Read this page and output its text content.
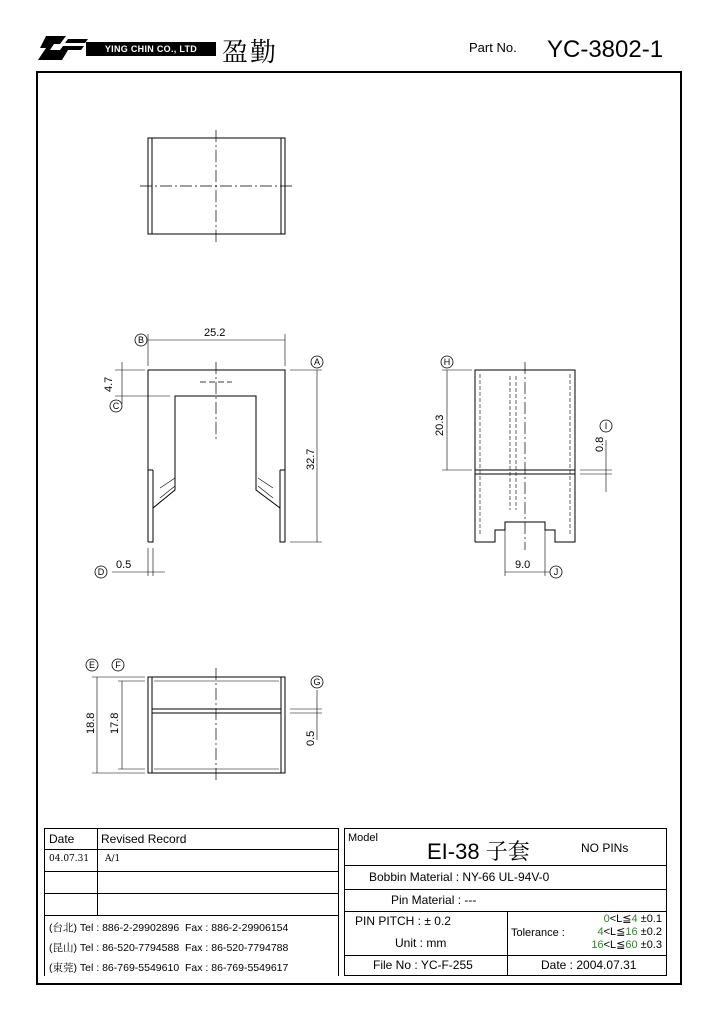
YING CHIN CO., LTD 盈勤	Part No. YC-3802-1
25.2
32.7
4.7
0.5
20.3
0.8
9.0
18.8 17.8
0.5
B
A
C
D
E F
G
H
I
J
Date Revised Record
04.07.31 A/1
(台北) Tel : 886-2-29902896 Fax : 886-2-29906154
(昆山) Tel : 86-520-7794588 Fax : 86-520-7794788
(東莞) Tel : 86-769-5549610 Fax : 86-769-5549617
Model
EI-38 子套	NO PINs
Bobbin Material : NY-66 UL-94V-0
Pin Material : ---
PIN PITCH : ± 0.2
Unit : mm
File No : YC-F-255
Tolerance :
0<L≦4 ±0.1
4<L≦16 ±0.2
16<L≦60 ±0.3
Date : 2004.07.31
